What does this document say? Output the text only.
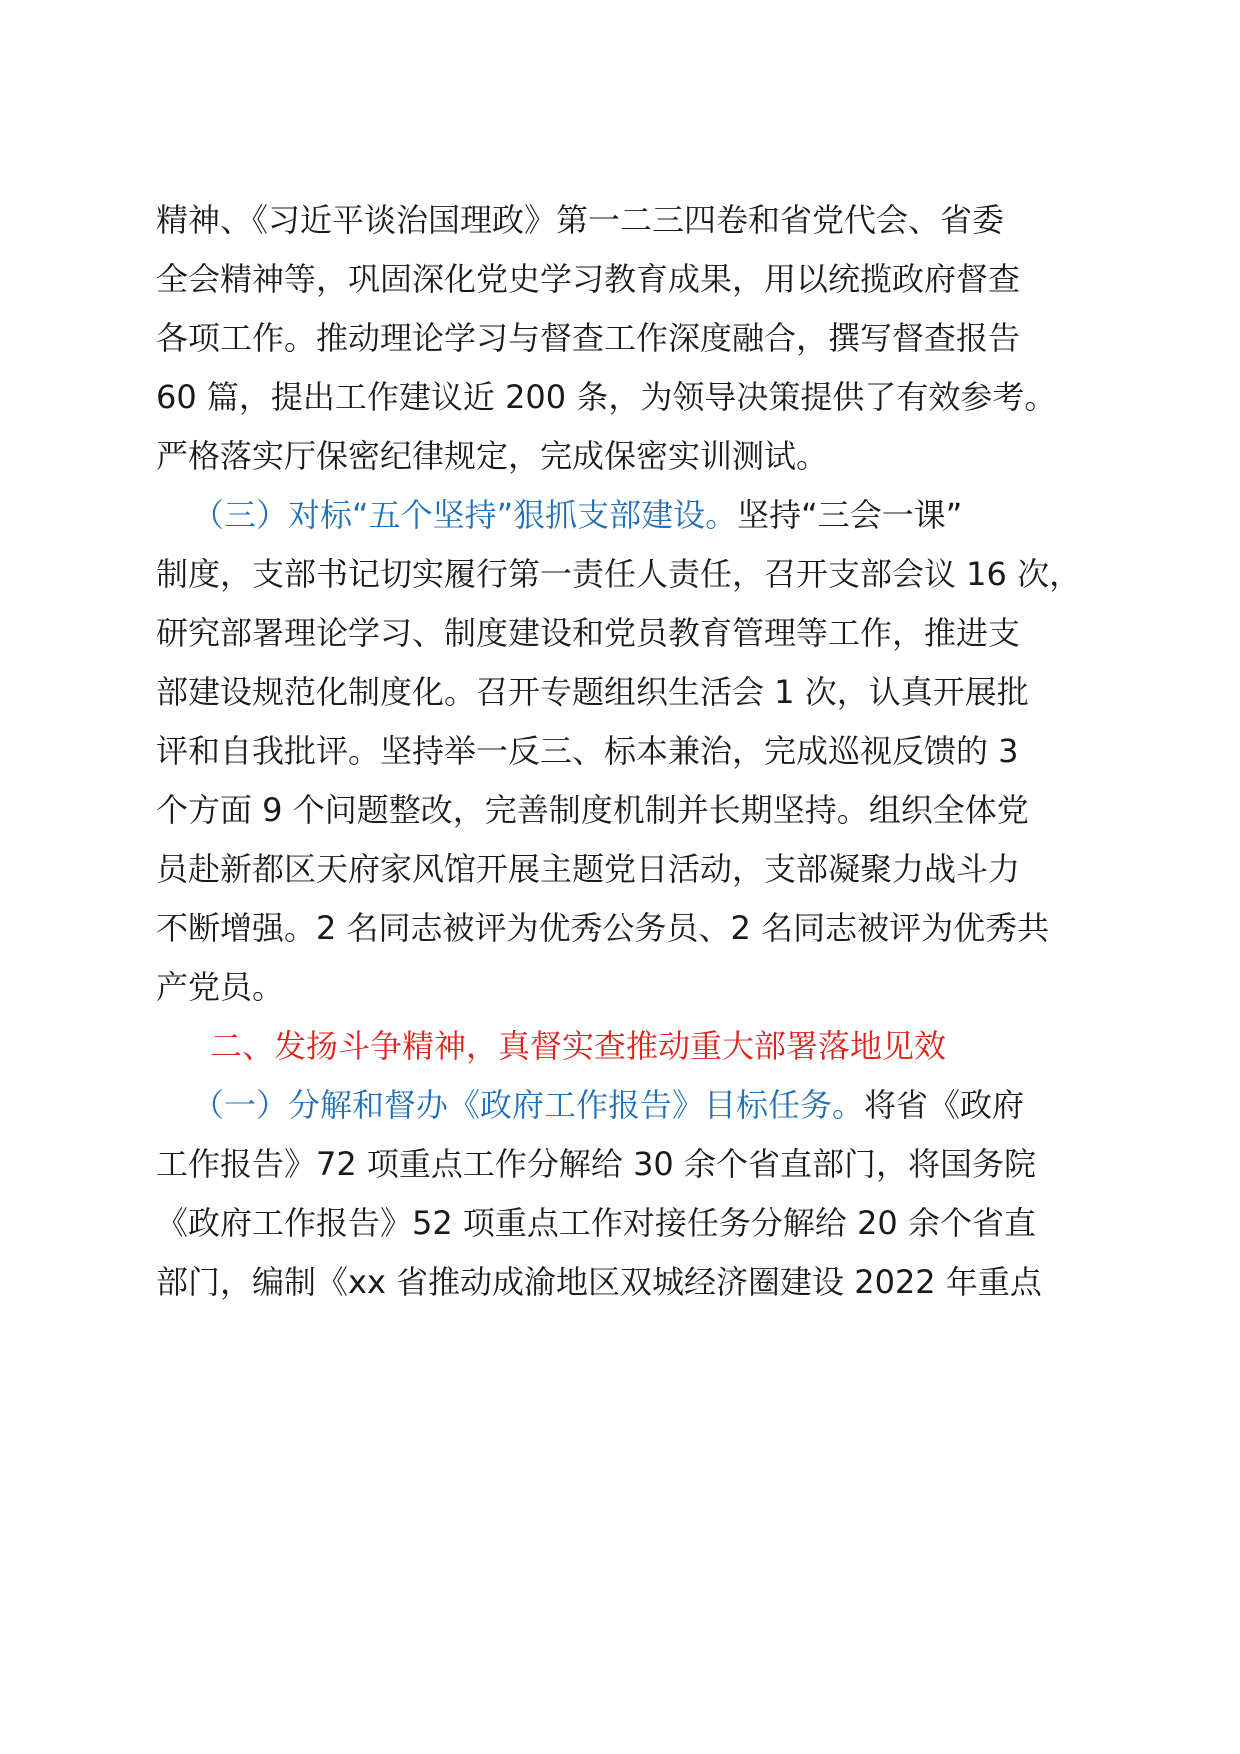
精神、《习近平谈治国理政》第一二三四卷和省党代会、省委
全会精神等，巩固深化党史学习教育成果，用以统揽政府督查
各项工作。推动理论学习与督查工作深度融合，撰写督查报告
60 篇，提出工作建议近 200 条，为领导决策提供了有效参考。
严格落实厅保密纪律规定，完成保密实训测试。
（三）对标“五个坚持”狠抓支部建设。坚持“三会一课”
制度，支部书记切实履行第一责任人责任，召开支部会议 16 次，
研究部署理论学习、制度建设和党员教育管理等工作，推进支
部建设规范化制度化。召开专题组织生活会 1 次，认真开展批
评和自我批评。坚持举一反三、标本兼治，完成巡视反馈的 3
个方面 9 个问题整改，完善制度机制并长期坚持。组织全体党
员赴新都区天府家风馆开展主题党日活动，支部凝聚力战斗力
不断增强。2 名同志被评为优秀公务员、2 名同志被评为优秀共
产党员。
二、发扬斗争精神，真督实查推动重大部署落地见效
（一）分解和督办《政府工作报告》目标任务。将省《政府
工作报告》72 项重点工作分解给 30 余个省直部门，将国务院
《政府工作报告》52 项重点工作对接任务分解给 20 余个省直
部门，编制《xx 省推动成渝地区双城经济圈建设 2022 年重点
